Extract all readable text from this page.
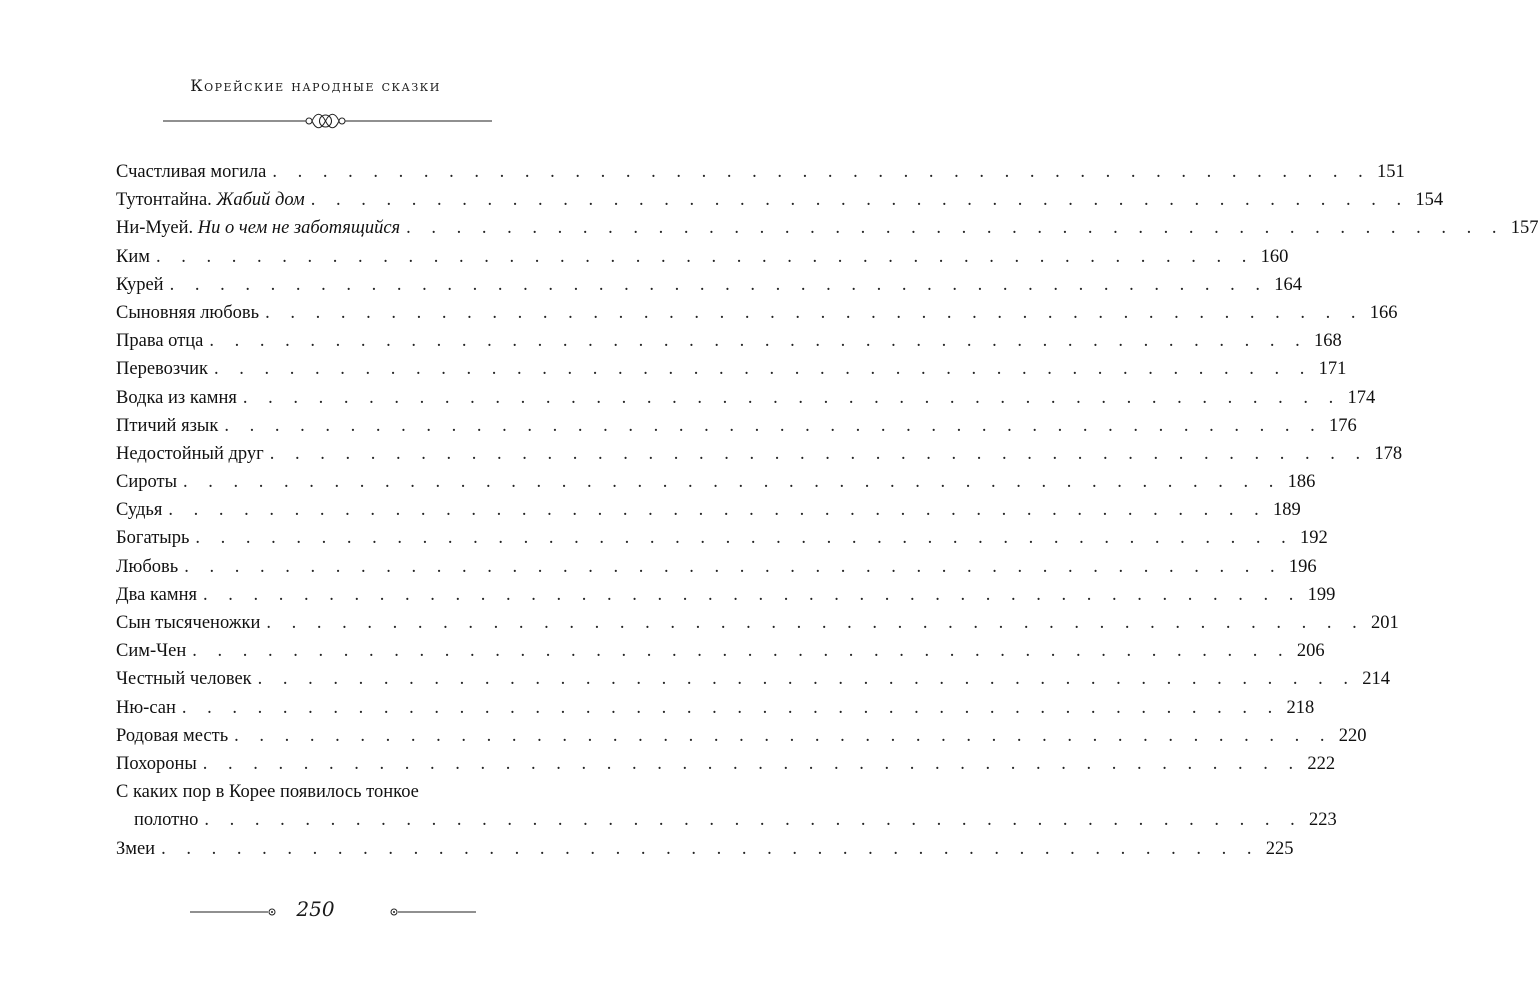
Корейские народные сказки
Счастливая могила . . . . . . . . . . . . . . . . . . . . . . . . . . . . . . . . . . . . . . . . . . . . 151
Тутонтайна. Жабий дом . . . . . . . . . . . . . . . . . . . . . . . . . . . . . . . . . . . . . . . . . . . . 154
Ни-Муей. Ни о чем не заботящийся . . . . . . . . . . . . . . . . . . . . . . . . . . . . . . . . . . . . . . . . . . . . 157
Ким . . . . . . . . . . . . . . . . . . . . . . . . . . . . . . . . . . . . . . . . . . . . 160
Курей . . . . . . . . . . . . . . . . . . . . . . . . . . . . . . . . . . . . . . . . . . . . 164
Сыновняя любовь . . . . . . . . . . . . . . . . . . . . . . . . . . . . . . . . . . . . . . . . . . . . 166
Права отца . . . . . . . . . . . . . . . . . . . . . . . . . . . . . . . . . . . . . . . . . . . . 168
Перевозчик . . . . . . . . . . . . . . . . . . . . . . . . . . . . . . . . . . . . . . . . . . . . 171
Водка из камня . . . . . . . . . . . . . . . . . . . . . . . . . . . . . . . . . . . . . . . . . . . . 174
Птичий язык . . . . . . . . . . . . . . . . . . . . . . . . . . . . . . . . . . . . . . . . . . . . 176
Недостойный друг . . . . . . . . . . . . . . . . . . . . . . . . . . . . . . . . . . . . . . . . . . . . 178
Сироты . . . . . . . . . . . . . . . . . . . . . . . . . . . . . . . . . . . . . . . . . . . . 186
Судья . . . . . . . . . . . . . . . . . . . . . . . . . . . . . . . . . . . . . . . . . . . . 189
Богатырь . . . . . . . . . . . . . . . . . . . . . . . . . . . . . . . . . . . . . . . . . . . . 192
Любовь . . . . . . . . . . . . . . . . . . . . . . . . . . . . . . . . . . . . . . . . . . . . 196
Два камня . . . . . . . . . . . . . . . . . . . . . . . . . . . . . . . . . . . . . . . . . . . . 199
Сын тысяченожки . . . . . . . . . . . . . . . . . . . . . . . . . . . . . . . . . . . . . . . . . . . . 201
Сим-Чен . . . . . . . . . . . . . . . . . . . . . . . . . . . . . . . . . . . . . . . . . . . . 206
Честный человек . . . . . . . . . . . . . . . . . . . . . . . . . . . . . . . . . . . . . . . . . . . . 214
Ню-сан . . . . . . . . . . . . . . . . . . . . . . . . . . . . . . . . . . . . . . . . . . . . 218
Родовая месть . . . . . . . . . . . . . . . . . . . . . . . . . . . . . . . . . . . . . . . . . . . . 220
Похороны . . . . . . . . . . . . . . . . . . . . . . . . . . . . . . . . . . . . . . . . . . . . 222
С каких пор в Корее появилось тонкое
полотно . . . . . . . . . . . . . . . . . . . . . . . . . . . . . . . . . . . . . . . . . . . . 223
Змеи . . . . . . . . . . . . . . . . . . . . . . . . . . . . . . . . . . . . . . . . . . . . 225
250
